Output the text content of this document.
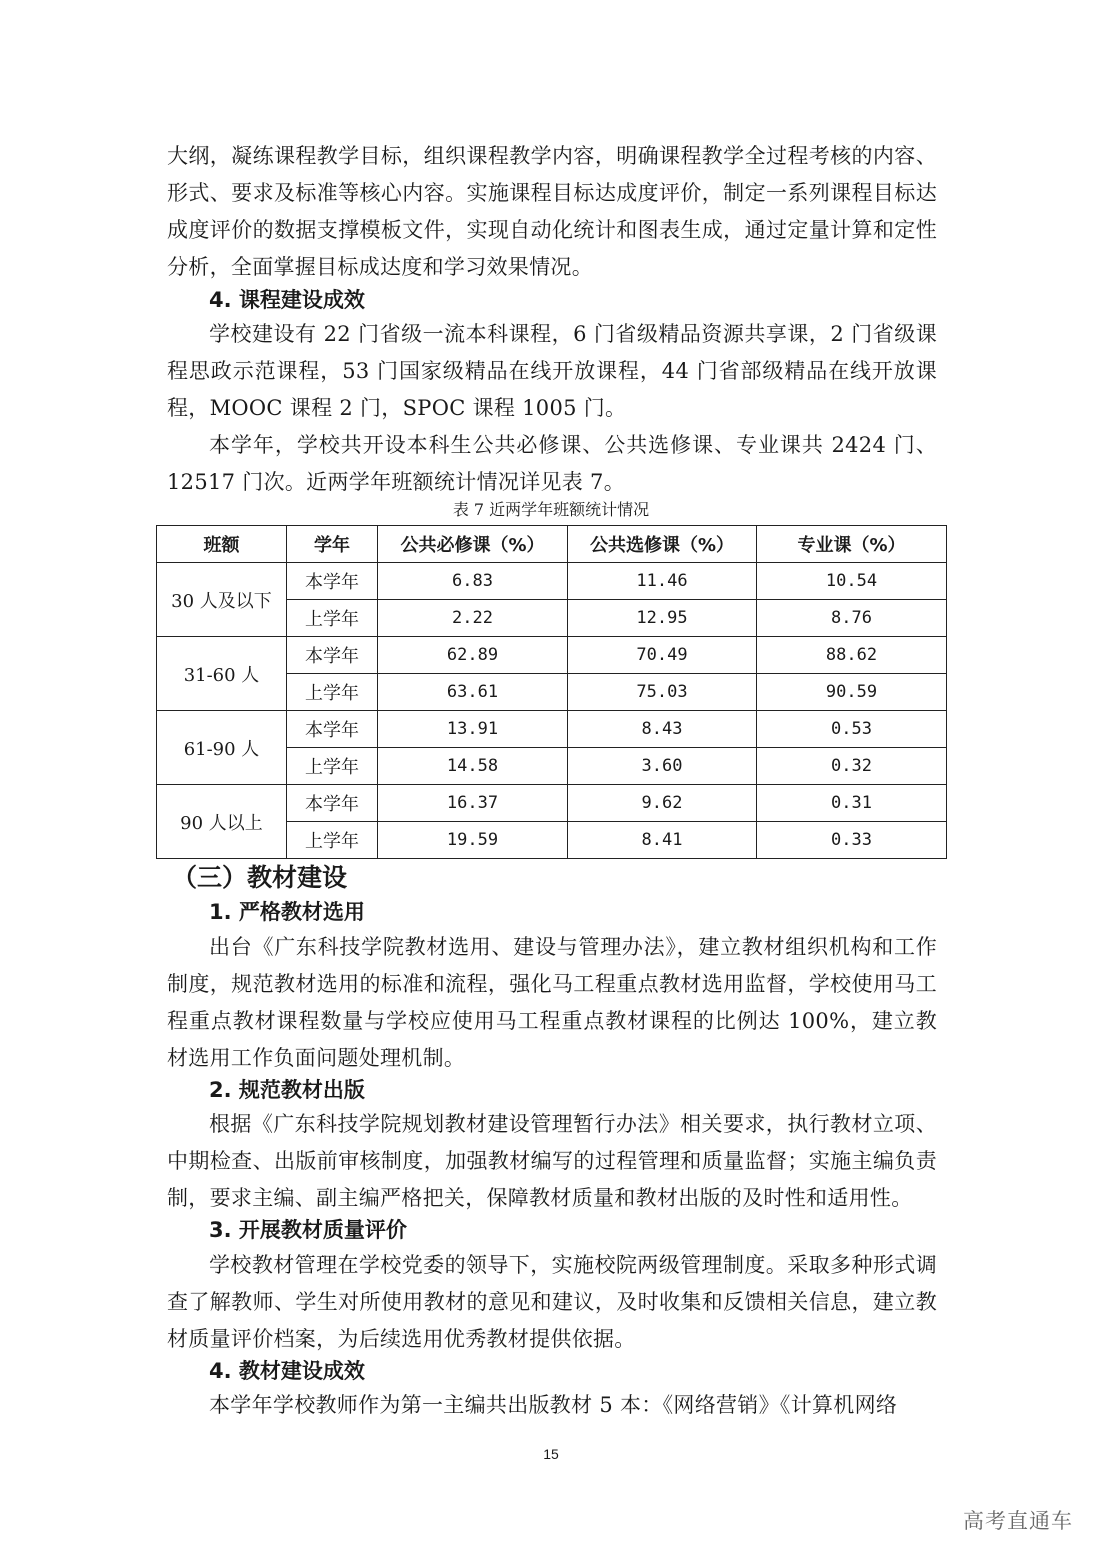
大纲，凝练课程教学目标，组织课程教学内容，明确课程教学全过程考核的内容、形式、要求及标准等核心内容。实施课程目标达成度评价，制定一系列课程目标达成度评价的数据支撑模板文件，实现自动化统计和图表生成，通过定量计算和定性分析，全面掌握目标成达度和学习效果情况。

4. 课程建设成效

学校建设有 22 门省级一流本科课程，6 门省级精品资源共享课，2 门省级课程思政示范课程，53 门国家级精品在线开放课程，44 门省部级精品在线开放课程，MOOC 课程 2 门，SPOC 课程 1005 门。

本学年，学校共开设本科生公共必修课、公共选修课、专业课共 2424 门、12517 门次。近两学年班额统计情况详见表 7。

表 7 近两学年班额统计情况
班额	学年	公共必修课（%）	公共选修课（%）	专业课（%）
30 人及以下	本学年	6.83	11.46	10.54
	上学年	2.22	12.95	8.76
31-60 人	本学年	62.89	70.49	88.62
	上学年	63.61	75.03	90.59
61-90 人	本学年	13.91	8.43	0.53
	上学年	14.58	3.60	0.32
90 人以上	本学年	16.37	9.62	0.31
	上学年	19.59	8.41	0.33

（三）教材建设

1. 严格教材选用

出台《广东科技学院教材选用、建设与管理办法》，建立教材组织机构和工作制度，规范教材选用的标准和流程，强化马工程重点教材选用监督，学校使用马工程重点教材课程数量与学校应使用马工程重点教材课程的比例达 100%，建立教材选用工作负面问题处理机制。

2. 规范教材出版

根据《广东科技学院规划教材建设管理暂行办法》相关要求，执行教材立项、中期检查、出版前审核制度，加强教材编写的过程管理和质量监督；实施主编负责制，要求主编、副主编严格把关，保障教材质量和教材出版的及时性和适用性。

3. 开展教材质量评价

学校教材管理在学校党委的领导下，实施校院两级管理制度。采取多种形式调查了解教师、学生对所使用教材的意见和建议，及时收集和反馈相关信息，建立教材质量评价档案，为后续选用优秀教材提供依据。

4. 教材建设成效

本学年学校教师作为第一主编共出版教材 5 本：《网络营销》《计算机网络

15
高考直通车
